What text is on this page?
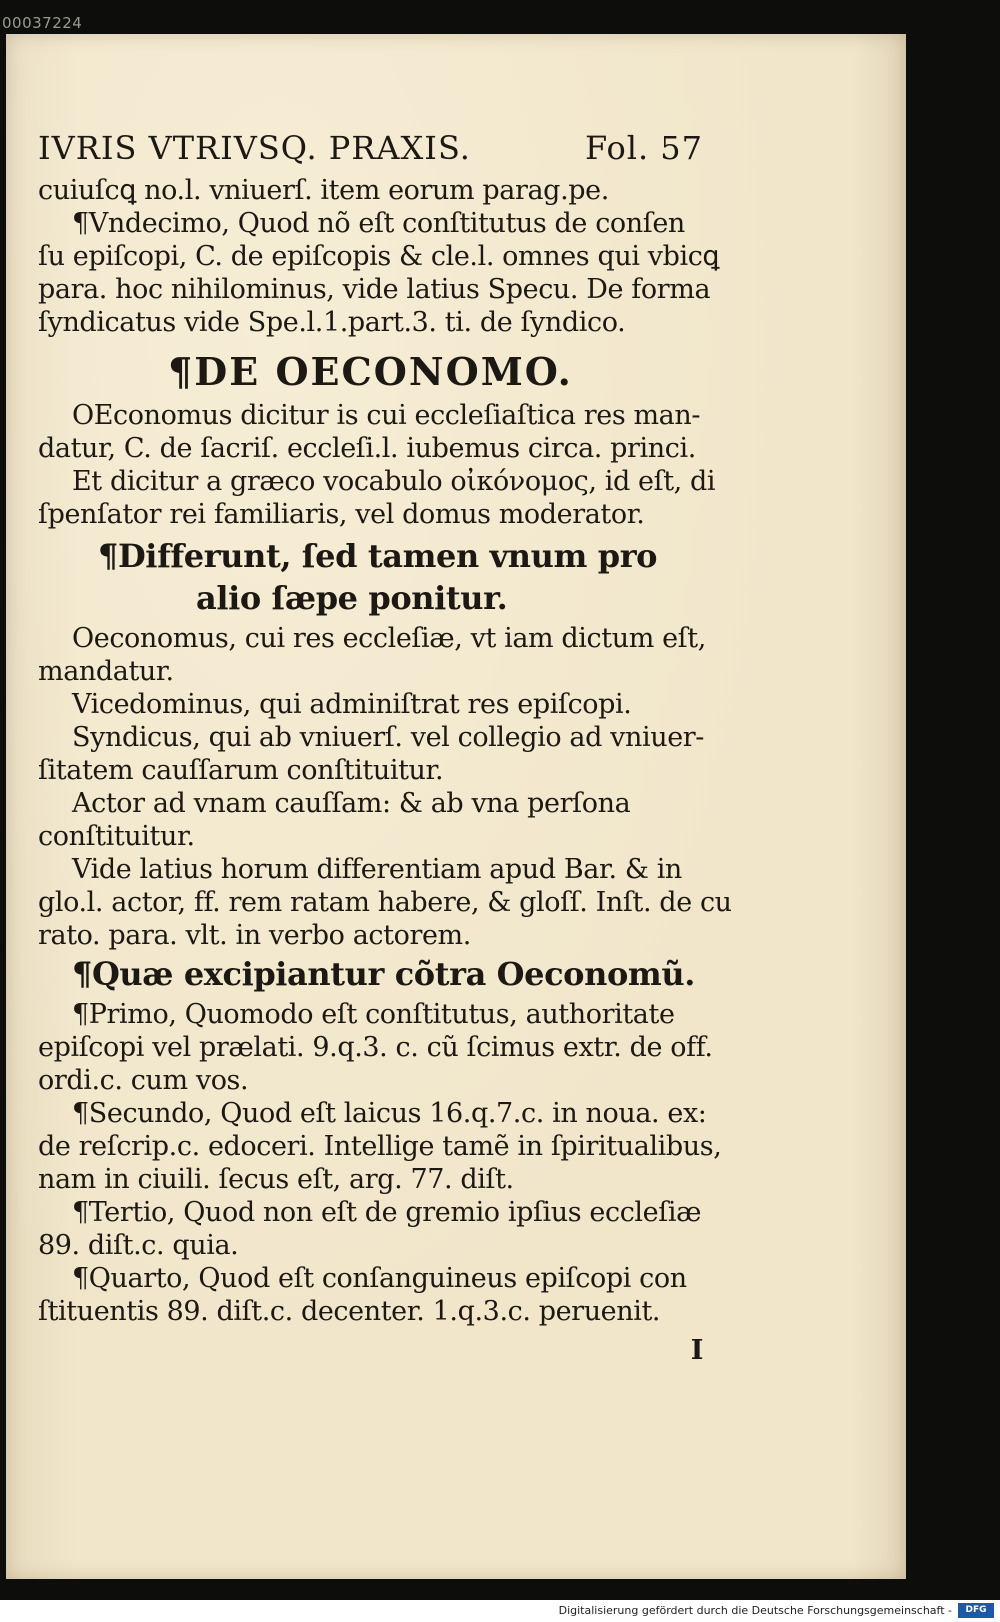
00037224
IVRIS VTRIVSQ. PRAXIS.	Fol. 57
cuiuſcꝗ no.l. vniuerſ. item eorum parag.pe.
¶Vndecimo, Quod nõ eſt conſtitutus de conſen
ſu epiſcopi, C. de epiſcopis & cle.l. omnes qui vbicꝗ
para. hoc nihilominus, vide latius Specu. De forma
ſyndicatus vide Spe.l.1.part.3. ti. de ſyndico.
¶DE OECONOMO.
OEconomus dicitur is cui eccleſiaſtica res man-
datur, C. de ſacriſ. eccleſi.l. iubemus circa. princi.
Et dicitur a græco vocabulo οἰκόνομος, id eſt, di
ſpenſator rei familiaris, vel domus moderator.
¶Differunt, ſed tamen vnum pro
alio ſæpe ponitur.
Oeconomus, cui res eccleſiæ, vt iam dictum eſt,
mandatur.
Vicedominus, qui adminiſtrat res epiſcopi.
Syndicus, qui ab vniuerſ. vel collegio ad vniuer-
ſitatem cauſſarum conſtituitur.
Actor ad vnam cauſſam: & ab vna perſona
conſtituitur.
Vide latius horum differentiam apud Bar. & in
glo.l. actor, ff. rem ratam habere, & gloſſ. Inſt. de cu
rato. para. vlt. in verbo actorem.
¶Quæ excipiantur cõtra Oeconomũ.
¶Primo, Quomodo eſt conſtitutus, authoritate
epiſcopi vel prælati. 9.q.3. c. cũ ſcimus extr. de off.
ordi.c. cum vos.
¶Secundo, Quod eſt laicus 16.q.7.c. in noua. ex:
de reſcrip.c. edoceri. Intellige tamẽ in ſpiritualibus,
nam in ciuili. ſecus eſt, arg. 77. diſt.
¶Tertio, Quod non eſt de gremio ipſius eccleſiæ
89. diſt.c. quia.
¶Quarto, Quod eſt conſanguineus epiſcopi con
ſtituentis 89. diſt.c. decenter. 1.q.3.c. peruenit.
I
Digitalisierung gefördert durch die Deutsche Forschungsgemeinschaft -	DFG
